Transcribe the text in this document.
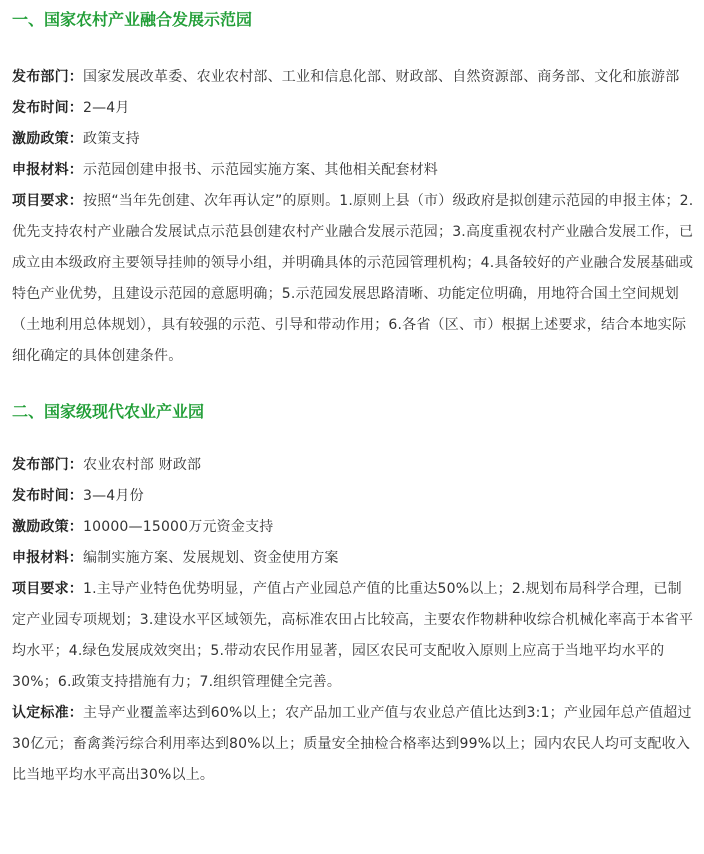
一、国家农村产业融合发展示范园

发布部门：国家发展改革委、农业农村部、工业和信息化部、财政部、自然资源部、商务部、文化和旅游部

发布时间：2—4月

激励政策：政策支持

申报材料：示范园创建申报书、示范园实施方案、其他相关配套材料

项目要求：按照“当年先创建、次年再认定”的原则。1.原则上县（市）级政府是拟创建示范园的申报主体；2.优先支持农村产业融合发展试点示范县创建农村产业融合发展示范园；3.高度重视农村产业融合发展工作，已成立由本级政府主要领导挂帅的领导小组，并明确具体的示范园管理机构；4.具备较好的产业融合发展基础或特色产业优势，且建设示范园的意愿明确；5.示范园发展思路清晰、功能定位明确，用地符合国土空间规划（土地利用总体规划），具有较强的示范、引导和带动作用；6.各省（区、市）根据上述要求，结合本地实际细化确定的具体创建条件。

二、国家级现代农业产业园

发布部门：农业农村部 财政部

发布时间：3—4月份

激励政策：10000—15000万元资金支持

申报材料：编制实施方案、发展规划、资金使用方案

项目要求：1.主导产业特色优势明显，产值占产业园总产值的比重达50%以上；2.规划布局科学合理，已制定产业园专项规划；3.建设水平区域领先，高标准农田占比较高，主要农作物耕种收综合机械化率高于本省平均水平；4.绿色发展成效突出；5.带动农民作用显著，园区农民可支配收入原则上应高于当地平均水平的30%；6.政策支持措施有力；7.组织管理健全完善。

认定标准：主导产业覆盖率达到60%以上；农产品加工业产值与农业总产值比达到3:1；产业园年总产值超过30亿元；畜禽粪污综合利用率达到80%以上；质量安全抽检合格率达到99%以上；园内农民人均可支配收入比当地平均水平高出30%以上。
